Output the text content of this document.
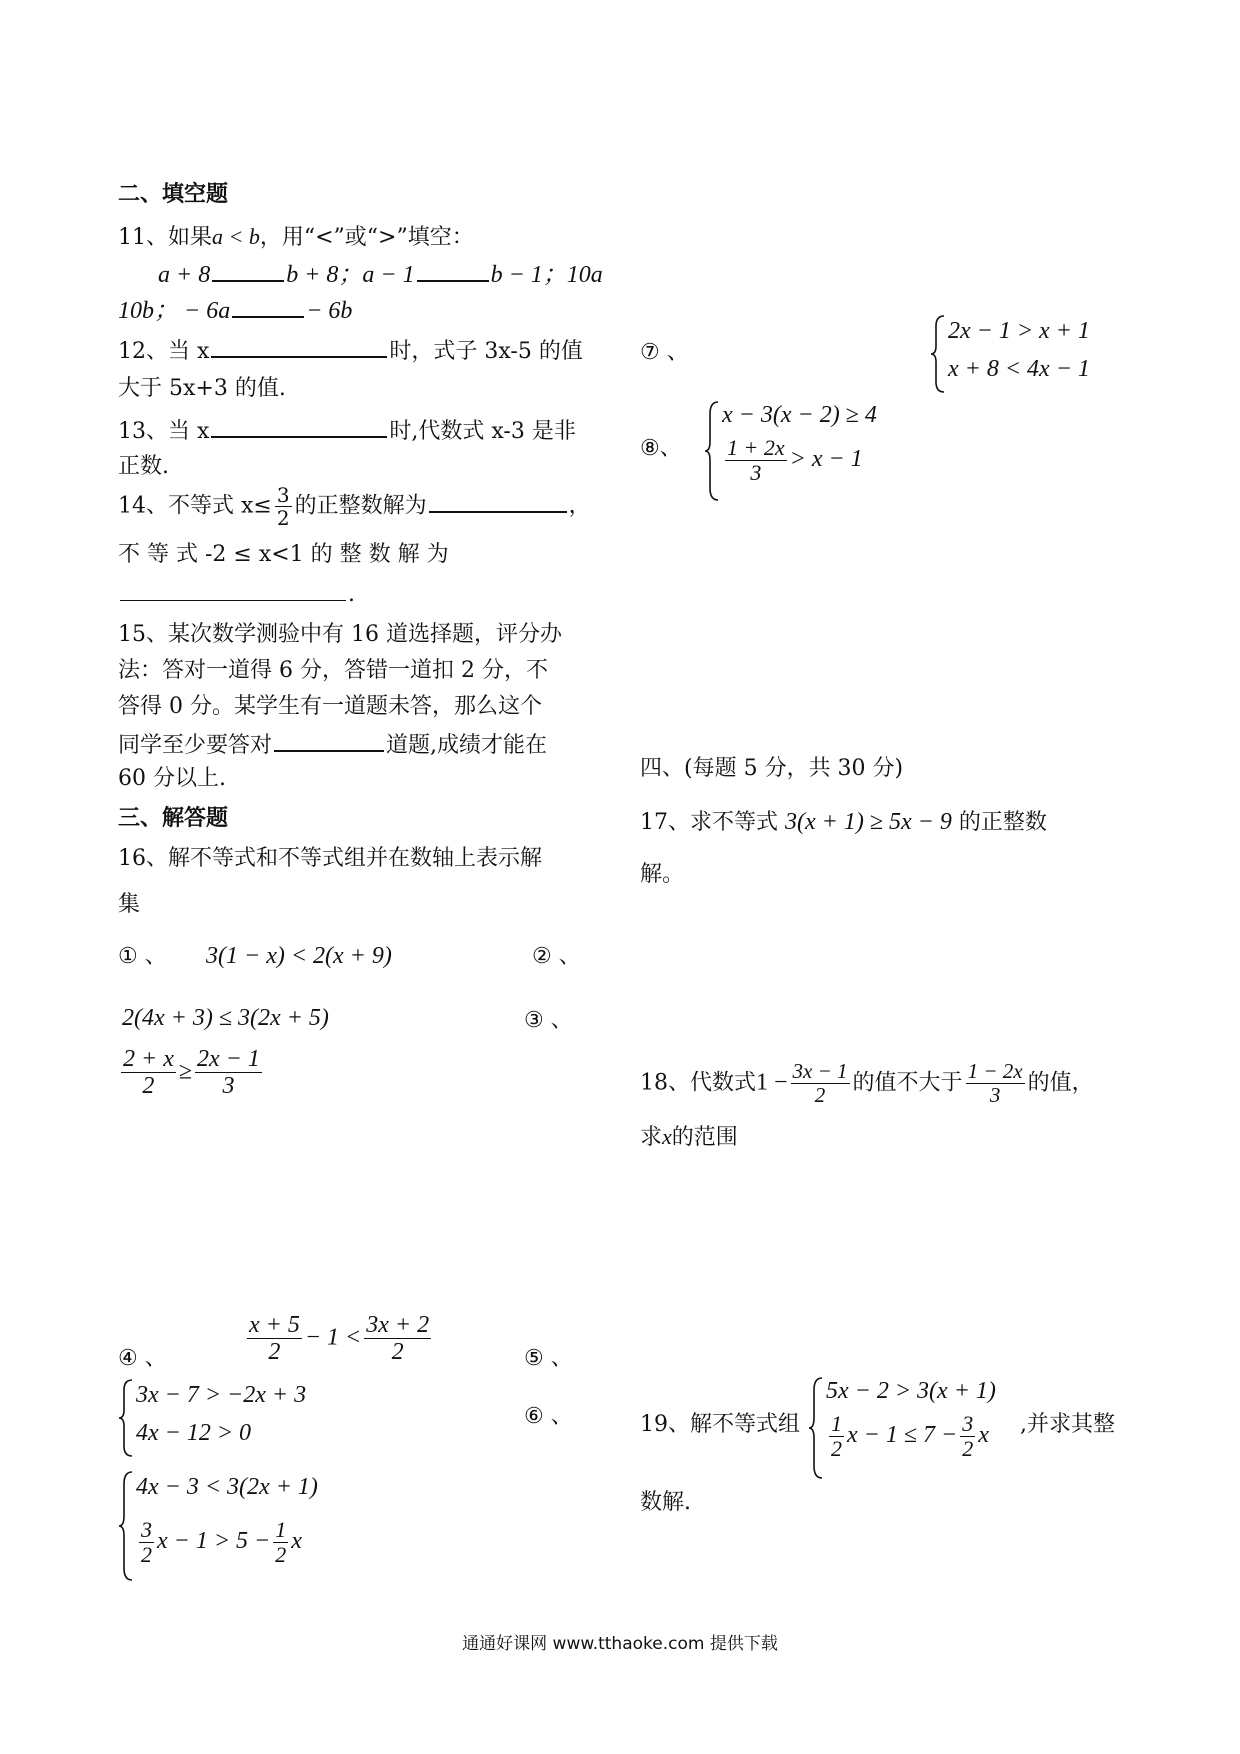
二、填空题
11、如果a < b，用“<”或“>”填空：
a + 8	b + 8；a − 1	b − 1；10a
10b； − 6a	− 6b
12、当 x	时，式子 3x-5 的值
大于 5x+3 的值.
13、当 x	时,代数式 x-3 是非
正数.
14、不等式 $x\le \frac{3}{2}$ 的正整数解为	，
不 等 式 -2 ≤ x<1 的 整 数 解 为
.
15、某次数学测验中有 16 道选择题，评分办
法：答对一道得 6 分，答错一道扣 2 分，不
答得 0 分。某学生有一道题未答，那么这个
同学至少要答对	道题,成绩才能在
60 分以上.
三、解答题
16、解不等式和不等式组并在数轴上表示解
集
① 、 3(1 − x) < 2(x + 9)	② 、
2(4x + 3) ≤ 3(2x + 5)	③ 、
$\frac{2 + x}{2} \ge \frac{2x - 1}{3}$
④ 、	$\frac{x + 5}{2} - 1 < \frac{3x + 2}{2}$	⑤ 、
3x − 7 > −2x + 3
4x − 12 > 0
⑥ 、
4x − 3 < 3(2x + 1)
$\frac{3}{2}$ $x - 1 > 5 - \frac{1}{2}$ x
⑦ 、
2x − 1 > x + 1
x + 8 < 4x − 1
⑧、
x − 3(x − 2) ≥ 4
$\frac{1 + 2x}{3} > x - 1$
四、(每题 5 分，共 30 分)
17、求不等式 3(x + 1) ≥ 5x − 9 的正整数
解。
18、代数式$1 - \frac{3x - 1}{2}$ 的值不大于 $\frac{1 - 2x}{3}$ 的值，
求x的范围
19、解不等式组
5x − 2 > 3(x + 1)
$\frac{1}{2}$ $x - 1 \le 7 - \frac{3}{2}$ x ,并求其整
数解.
通通好课网 www.tthaoke.com 提供下载
